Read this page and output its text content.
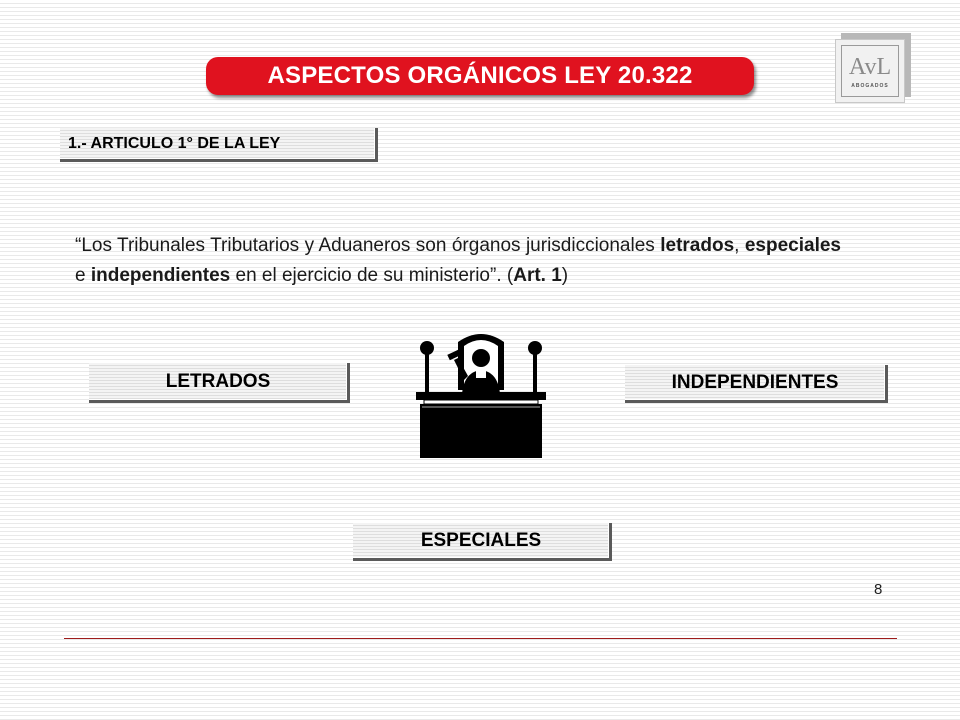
ASPECTOS ORGÁNICOS LEY 20.322	AvL
ABOGADOS
1.- ARTICULO 1° DE LA LEY
“Los Tribunales Tributarios y Aduaneros son órganos jurisdiccionales letrados, especiales e independientes en el ejercicio de su ministerio”. (Art. 1)
LETRADOS	INDEPENDIENTES
ESPECIALES
8
